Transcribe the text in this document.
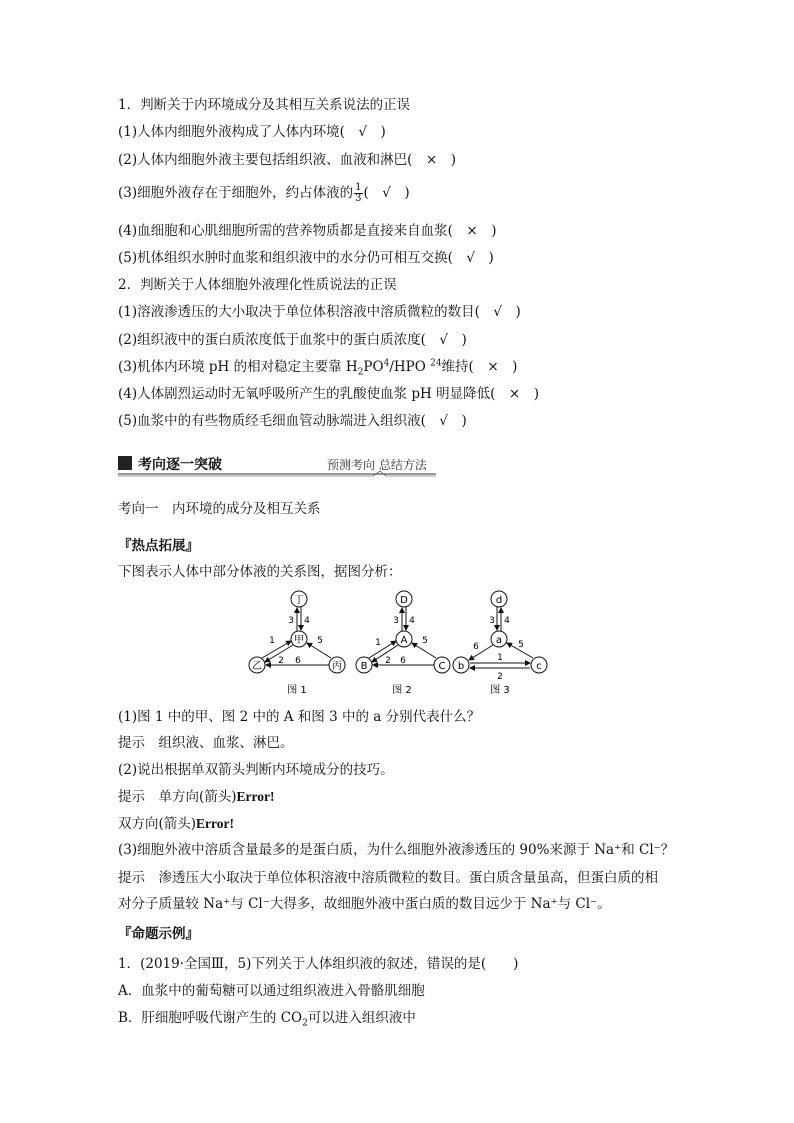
1．判断关于内环境成分及其相互关系说法的正误
(1)人体内细胞外液构成了人体内环境(　√　)
(2)人体内细胞外液主要包括组织液、血液和淋巴(　×　)
(3)细胞外液存在于细胞外，约占体液的 $\frac{1}{3}$ (　√　)
(4)血细胞和心肌细胞所需的营养物质都是直接来自血浆(　×　)
(5)机体组织水肿时血浆和组织液中的水分仍可相互交换(　√　)
2．判断关于人体细胞外液理化性质说法的正误
(1)溶液渗透压的大小取决于单位体积溶液中溶质微粒的数目(　√　)
(2)组织液中的蛋白质浓度低于血浆中的蛋白质浓度(　√　)
(3)机体内环境 pH 的相对稳定主要靠 $H_2PO^4$/HPO $^{24}$维持(　×　)
(4)人体剧烈运动时无氧呼吸所产生的乳酸使血浆 pH 明显降低(　×　)
(5)血浆中的有些物质经毛细血管动脉端进入组织液(　√　)
考向逐一突破	预测考向 总结方法
考向一　内环境的成分及相互关系
『热点拓展』
下图表示人体中部分体液的关系图，据图分析：
丁
甲
乙	丙
3 4
1
2
5
6
图 1
D
A
B	C
3 4
1
2
5
6
图 2
d
a
b	c
3 4
6	5
1
2
图 3
(1)图 1 中的甲、图 2 中的 A 和图 3 中的 a 分别代表什么？
提示　组织液、血浆、淋巴。
(2)说出根据单双箭头判断内环境成分的技巧。
提示　单方向(箭头)Error!
双方向(箭头)Error!
(3)细胞外液中溶质含量最多的是蛋白质，为什么细胞外液渗透压的 90%来源于 Na⁺和 Cl⁻？
提示　渗透压大小取决于单位体积溶液中溶质微粒的数目。蛋白质含量虽高，但蛋白质的相
对分子质量较 Na⁺与 Cl⁻大得多，故细胞外液中蛋白质的数目远少于 Na⁺与 Cl⁻。
『命题示例』
1．(2019·全国Ⅲ，5)下列关于人体组织液的叙述，错误的是(　　)
A．血浆中的葡萄糖可以通过组织液进入骨骼肌细胞
B．肝细胞呼吸代谢产生的 $CO_2$可以进入组织液中
